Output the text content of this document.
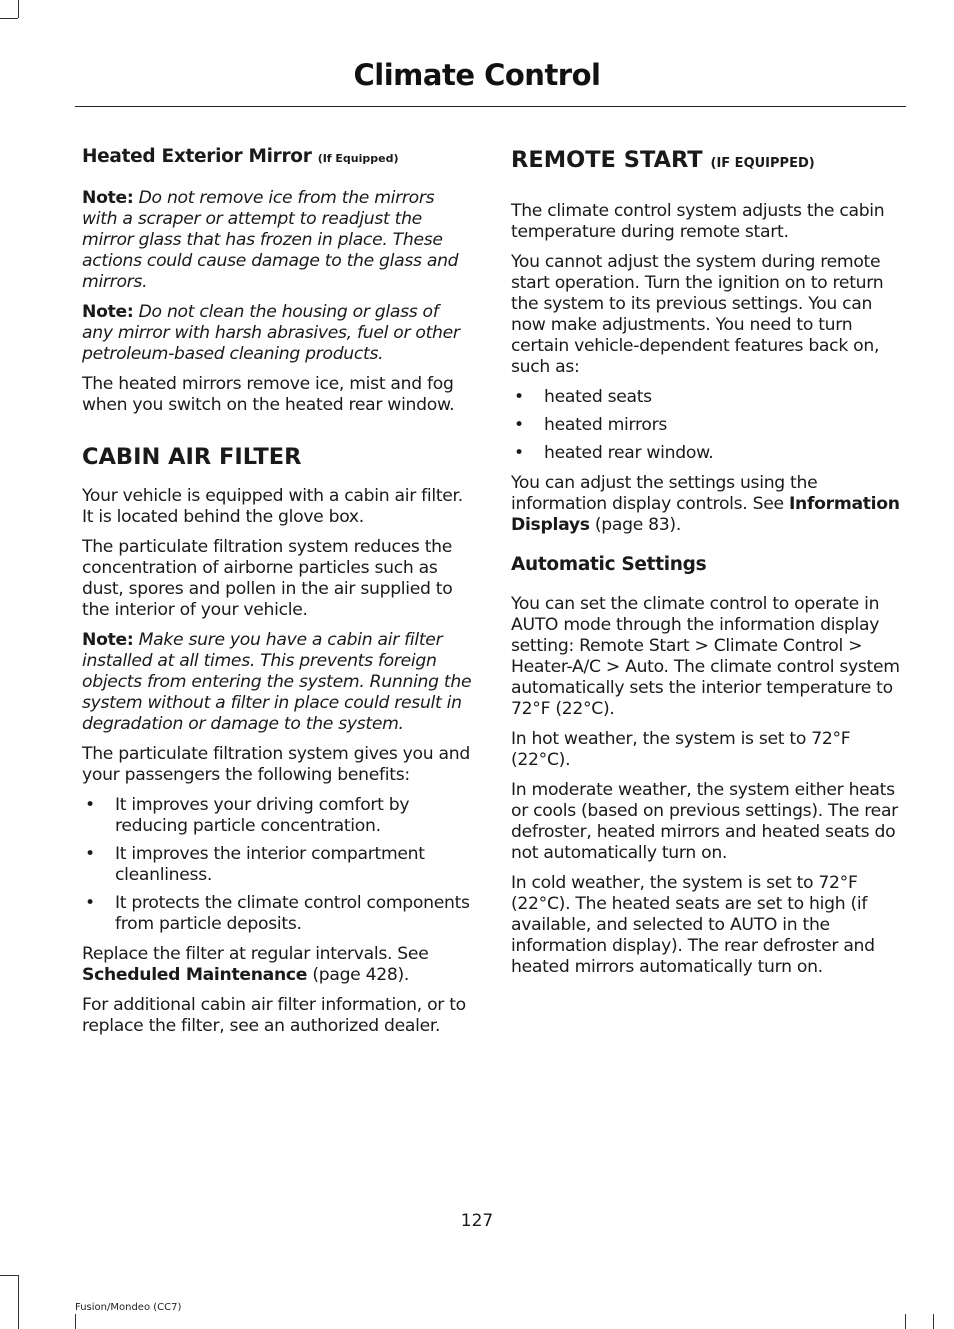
Climate Control
Heated Exterior Mirror (If Equipped)

Note: Do not remove ice from the mirrors with a scraper or attempt to readjust the mirror glass that has frozen in place. These actions could cause damage to the glass and mirrors.

Note: Do not clean the housing or glass of any mirror with harsh abrasives, fuel or other petroleum-based cleaning products.

The heated mirrors remove ice, mist and fog when you switch on the heated rear window.

CABIN AIR FILTER

Your vehicle is equipped with a cabin air filter. It is located behind the glove box.

The particulate filtration system reduces the concentration of airborne particles such as dust, spores and pollen in the air supplied to the interior of your vehicle.

Note: Make sure you have a cabin air filter installed at all times. This prevents foreign objects from entering the system. Running the system without a filter in place could result in degradation or damage to the system.

The particulate filtration system gives you and your passengers the following benefits:

• It improves your driving comfort by reducing particle concentration.
• It improves the interior compartment cleanliness.
• It protects the climate control components from particle deposits.

Replace the filter at regular intervals. See Scheduled Maintenance (page 428).

For additional cabin air filter information, or to replace the filter, see an authorized dealer.

REMOTE START (IF EQUIPPED)

The climate control system adjusts the cabin temperature during remote start.

You cannot adjust the system during remote start operation. Turn the ignition on to return the system to its previous settings. You can now make adjustments. You need to turn certain vehicle-dependent features back on, such as:

• heated seats
• heated mirrors
• heated rear window.

You can adjust the settings using the information display controls. See Information Displays (page 83).

Automatic Settings

You can set the climate control to operate in AUTO mode through the information display setting: Remote Start > Climate Control > Heater-A/C > Auto. The climate control system automatically sets the interior temperature to 72°F (22°C).

In hot weather, the system is set to 72°F (22°C).

In moderate weather, the system either heats or cools (based on previous settings). The rear defroster, heated mirrors and heated seats do not automatically turn on.

In cold weather, the system is set to 72°F (22°C). The heated seats are set to high (if available, and selected to AUTO in the information display). The rear defroster and heated mirrors automatically turn on.

127
Fusion/Mondeo (CC7)
